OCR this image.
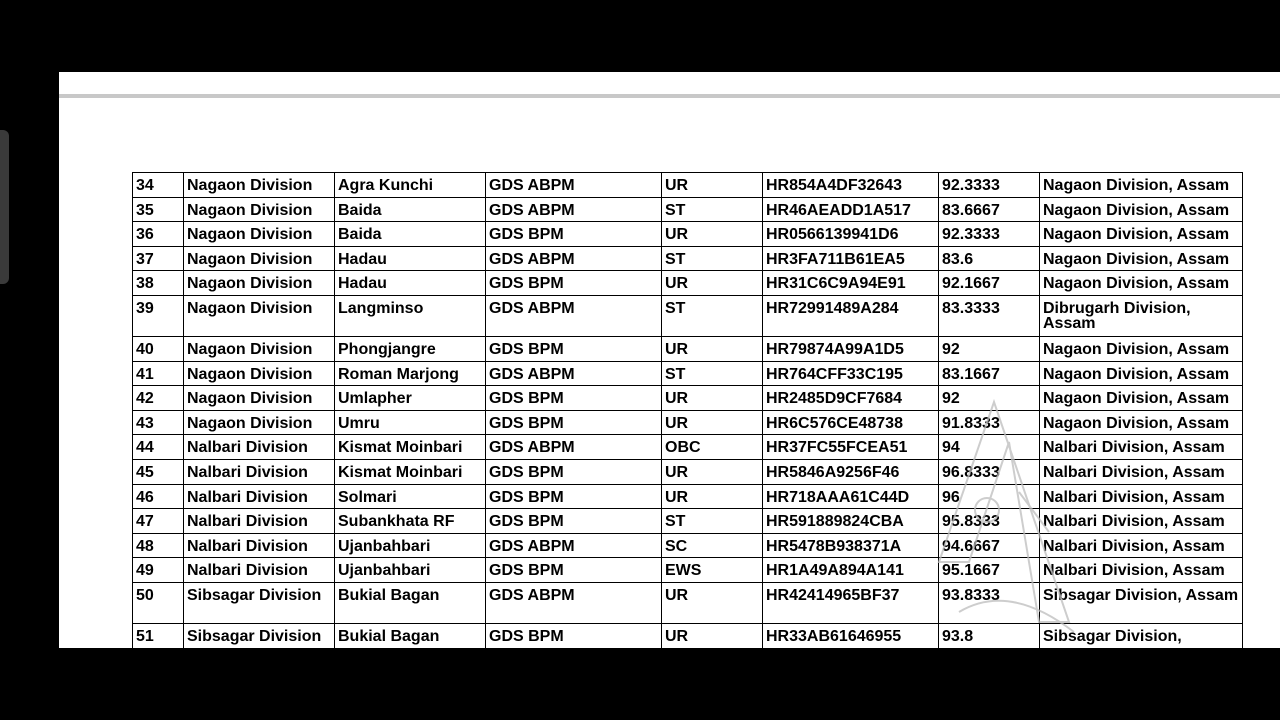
34	Nagaon Division	Agra Kunchi	GDS ABPM	UR	HR854A4DF32643	92.3333	Nagaon Division, Assam
35	Nagaon Division	Baida	GDS ABPM	ST	HR46AEADD1A517	83.6667	Nagaon Division, Assam
36	Nagaon Division	Baida	GDS BPM	UR	HR0566139941D6	92.3333	Nagaon Division, Assam
37	Nagaon Division	Hadau	GDS ABPM	ST	HR3FA711B61EA5	83.6	Nagaon Division, Assam
38	Nagaon Division	Hadau	GDS BPM	UR	HR31C6C9A94E91	92.1667	Nagaon Division, Assam
39	Nagaon Division	Langminso	GDS ABPM	ST	HR72991489A284	83.3333	Dibrugarh Division, Assam
40	Nagaon Division	Phongjangre	GDS BPM	UR	HR79874A99A1D5	92	Nagaon Division, Assam
41	Nagaon Division	Roman Marjong	GDS ABPM	ST	HR764CFF33C195	83.1667	Nagaon Division, Assam
42	Nagaon Division	Umlapher	GDS BPM	UR	HR2485D9CF7684	92	Nagaon Division, Assam
43	Nagaon Division	Umru	GDS BPM	UR	HR6C576CE48738	91.8333	Nagaon Division, Assam
44	Nalbari Division	Kismat Moinbari	GDS ABPM	OBC	HR37FC55FCEA51	94	Nalbari Division, Assam
45	Nalbari Division	Kismat Moinbari	GDS BPM	UR	HR5846A9256F46	96.8333	Nalbari Division, Assam
46	Nalbari Division	Solmari	GDS BPM	UR	HR718AAA61C44D	96	Nalbari Division, Assam
47	Nalbari Division	Subankhata RF	GDS BPM	ST	HR591889824CBA	95.8333	Nalbari Division, Assam
48	Nalbari Division	Ujanbahbari	GDS ABPM	SC	HR5478B938371A	94.6667	Nalbari Division, Assam
49	Nalbari Division	Ujanbahbari	GDS BPM	EWS	HR1A49A894A141	95.1667	Nalbari Division, Assam
50	Sibsagar Division	Bukial Bagan	GDS ABPM	UR	HR42414965BF37	93.8333	Sibsagar Division, Assam
51	Sibsagar Division	Bukial Bagan	GDS BPM	UR	HR33AB61646955	93.8	Sibsagar Division,
